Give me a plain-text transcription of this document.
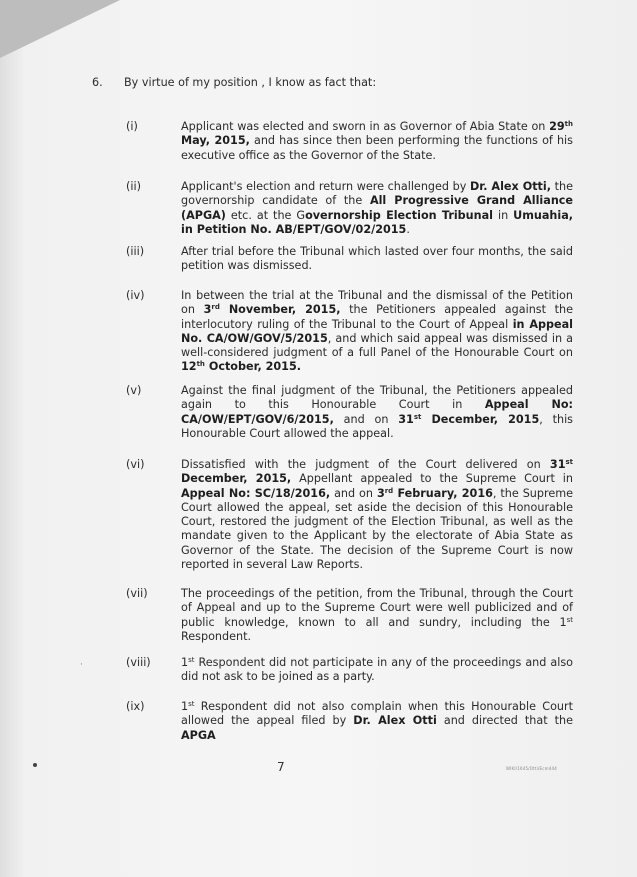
6. By virtue of my position , I know as fact that:
(i)	Applicant was elected and sworn in as Governor of Abia State on 29th May, 2015, and has since then been performing the functions of his executive office as the Governor of the State.
(ii)	Applicant's election and return were challenged by Dr. Alex Otti, the governorship candidate of the All Progressive Grand Alliance (APGA) etc. at the Governorship Election Tribunal in Umuahia, in Petition No. AB/EPT/GOV/02/2015.
(iii)	After trial before the Tribunal which lasted over four months, the said petition was dismissed.
(iv)	In between the trial at the Tribunal and the dismissal of the Petition on 3rd November, 2015, the Petitioners appealed against the interlocutory ruling of the Tribunal to the Court of Appeal in Appeal No. CA/OW/GOV/5/2015, and which said appeal was dismissed in a well-considered judgment of a full Panel of the Honourable Court on 12th October, 2015.
(v)	Against the final judgment of the Tribunal, the Petitioners appealed again to this Honourable Court in Appeal No: CA/OW/EPT/GOV/6/2015, and on 31st December, 2015, this Honourable Court allowed the appeal.
(vi)	Dissatisfied with the judgment of the Court delivered on 31st December, 2015, Appellant appealed to the Supreme Court in Appeal No: SC/18/2016, and on 3rd February, 2016, the Supreme Court allowed the appeal, set aside the decision of this Honourable Court, restored the judgment of the Election Tribunal, as well as the mandate given to the Applicant by the electorate of Abia State as Governor of the State. The decision of the Supreme Court is now reported in several Law Reports.
(vii)	The proceedings of the petition, from the Tribunal, through the Court of Appeal and up to the Supreme Court were well publicized and of public knowledge, known to all and sundry, including the 1st Respondent.
(viii)	1st Respondent did not participate in any of the proceedings and also did not ask to be joined as a party.
(ix)	1st Respondent did not also complain when this Honourable Court allowed the appeal filed by Dr. Alex Otti and directed that the APGA
·
7	WIKI/1645/Otti/Ecm444
